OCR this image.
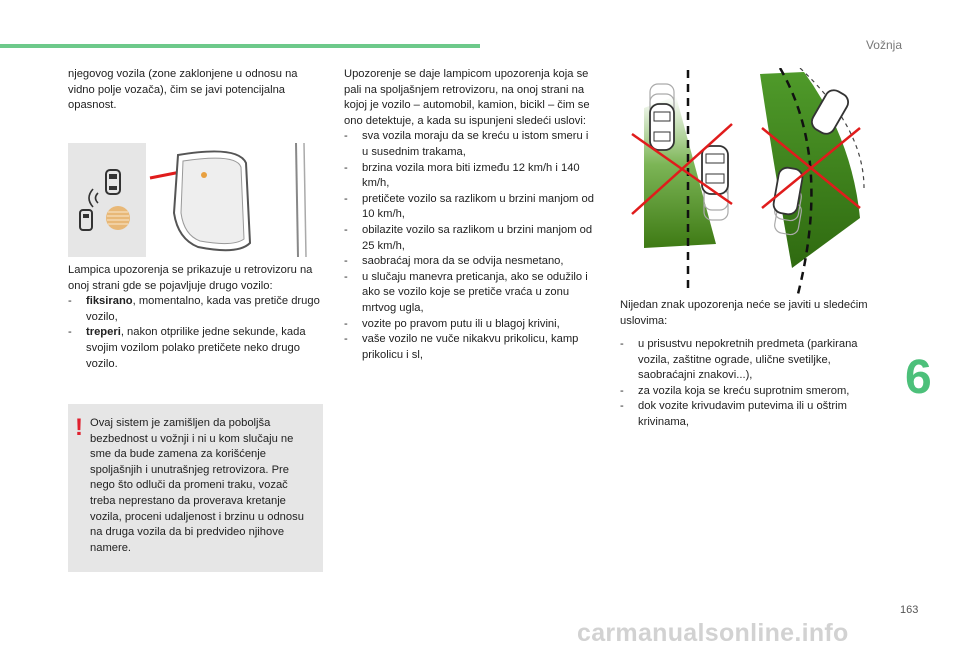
Vožnja

njegovog vozila (zone zaklonjene u odnosu na vidno polje vozača), čim se javi potencijalna opasnost.

Lampica upozorenja se prikazuje u retrovizoru na onoj strani gde se pojavljuje drugo vozilo:

- fiksirano, momentalno, kada vas pretiče drugo vozilo,
- treperi, nakon otprilike jedne sekunde, kada svojim vozilom polako pretičete neko drugo vozilo.
! Ovaj sistem je zamišljen da poboljša bezbednost u vožnji i ni u kom slučaju ne sme da bude zamena za korišćenje spoljašnjih i unutrašnjeg retrovizora. Pre nego što odluči da promeni traku, vozač treba neprestano da proverava kretanje vozila, proceni udaljenost i brzinu u odnosu na druga vozila da bi predvideo njihove namere.

Upozorenje se daje lampicom upozorenja koja se pali na spoljašnjem retrovizoru, na onoj strani na kojoj je vozilo – automobil, kamion, bicikl – čim se ono detektuje, a kada su ispunjeni sledeći uslovi:

- sva vozila moraju da se kreću u istom smeru i u susednim trakama,
- brzina vozila mora biti između 12 km/h i 140 km/h,
- pretičete vozilo sa razlikom u brzini manjom od 10 km/h,
- obilazite vozilo sa razlikom u brzini manjom od 25 km/h,
- saobraćaj mora da se odvija nesmetano,
- u slučaju manevra preticanja, ako se odužilo i ako se vozilo koje se pretiče vraća u zonu mrtvog ugla,
- vozite po pravom putu ili u blagoj krivini,
- vaše vozilo ne vuče nikakvu prikolicu, kamp prikolicu i sl,

Nijedan znak upozorenja neće se javiti u sledećim uslovima:

- u prisustvu nepokretnih predmeta (parkirana vozila, zaštitne ograde, ulične svetiljke, saobraćajni znakovi...),
- za vozila koja se kreću suprotnim smerom,
- dok vozite krivudavim putevima ili u oštrim krivinama,
6
163
carmanualsonline.info
